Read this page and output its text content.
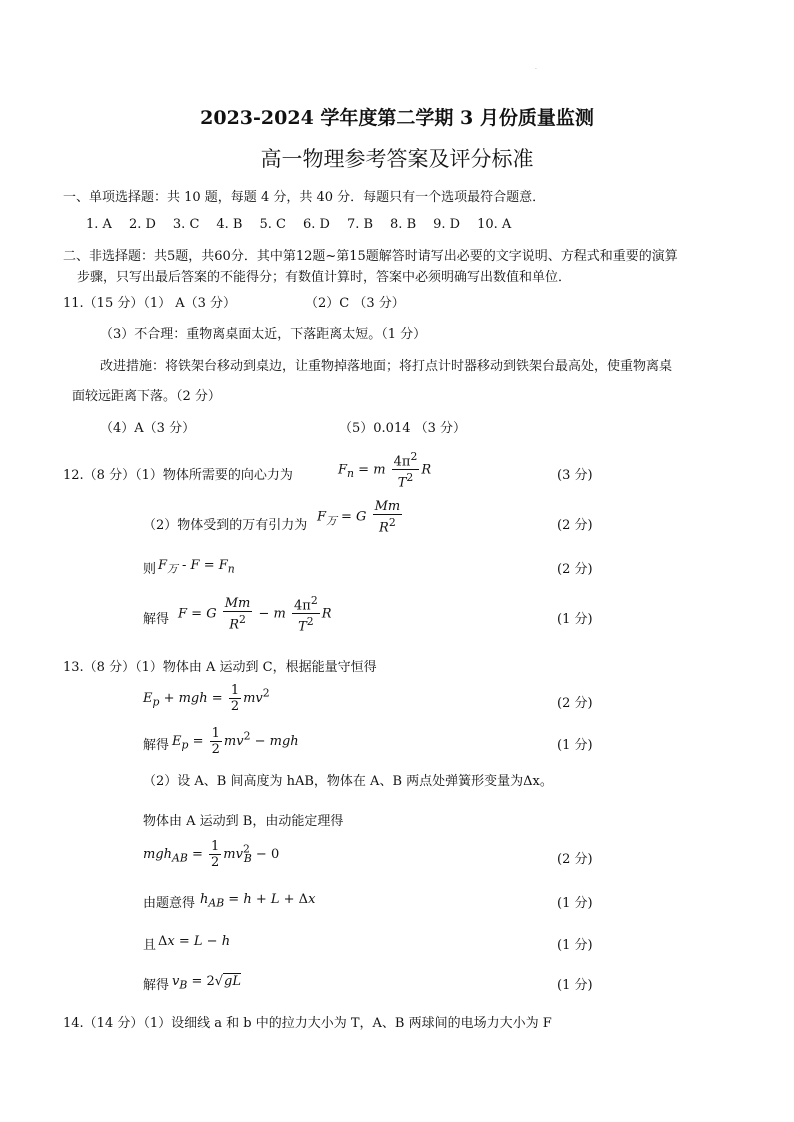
·
2023-2024 学年度第二学期 3 月份质量监测
高一物理参考答案及评分标准
一、单项选择题：共 10 题，每题 4 分，共 40 分．每题只有一个选项最符合题意．
1. A 2. D 3. C 4. B 5. C 6. D 7. B 8. B 9. D 10. A
二、非选择题：共5题，共60分．其中第12题~第15题解答时请写出必要的文字说明、方程式和重要的演算
步骤，只写出最后答案的不能得分；有数值计算时，答案中必须明确写出数值和单位．
11.（15 分）（1） A（3 分）	（2）C （3 分）
（3）不合理：重物离桌面太近，下落距离太短。（1 分）
改进措施：将铁架台移动到桌边，让重物掉落地面；将打点计时器移动到铁架台最高处，使重物离桌
面较远距离下落。（2 分）
（4）A（3 分）	（5）0.014 （3 分）
12.（8 分）（1）物体所需要的向心力为	$F_n = m \frac{4\pi^2}{T^2}$ R	(3 分)
（2）物体受到的万有引力为
$F_万 = G \frac{Mm}{R^2}$	(2 分)
则 $F_万 - F = F_n$	(2 分)
解得 F = G $\frac{Mm}{R^2} - m \frac{4\pi^2}{T^2}$ R	(1 分)
13.（8 分）（1）物体由 A 运动到 C，根据能量守恒得
$E_p$ + mgh = $\frac{1}{2} mv^2$
(2 分)
解得 $E_p = \frac{1}{2} mv^2$ − mgh	(1 分)
（2）设 A、B 间高度为 hAB，物体在 A、B 两点处弹簧形变量为Δx。
物体由 A 运动到 B，由动能定理得
$mgh_{AB} = \frac{1}{2} mv^2_B - 0$	(2 分)
由题意得 $h_{AB} = h + L + \Delta x$	(1 分)
且 Δx = L − h	(1 分)
解得 $v_B = 2√gL$	(1 分)
14.（14 分）（1）设细线 a 和 b 中的拉力大小为 T，A、B 两球间的电场力大小为 F
